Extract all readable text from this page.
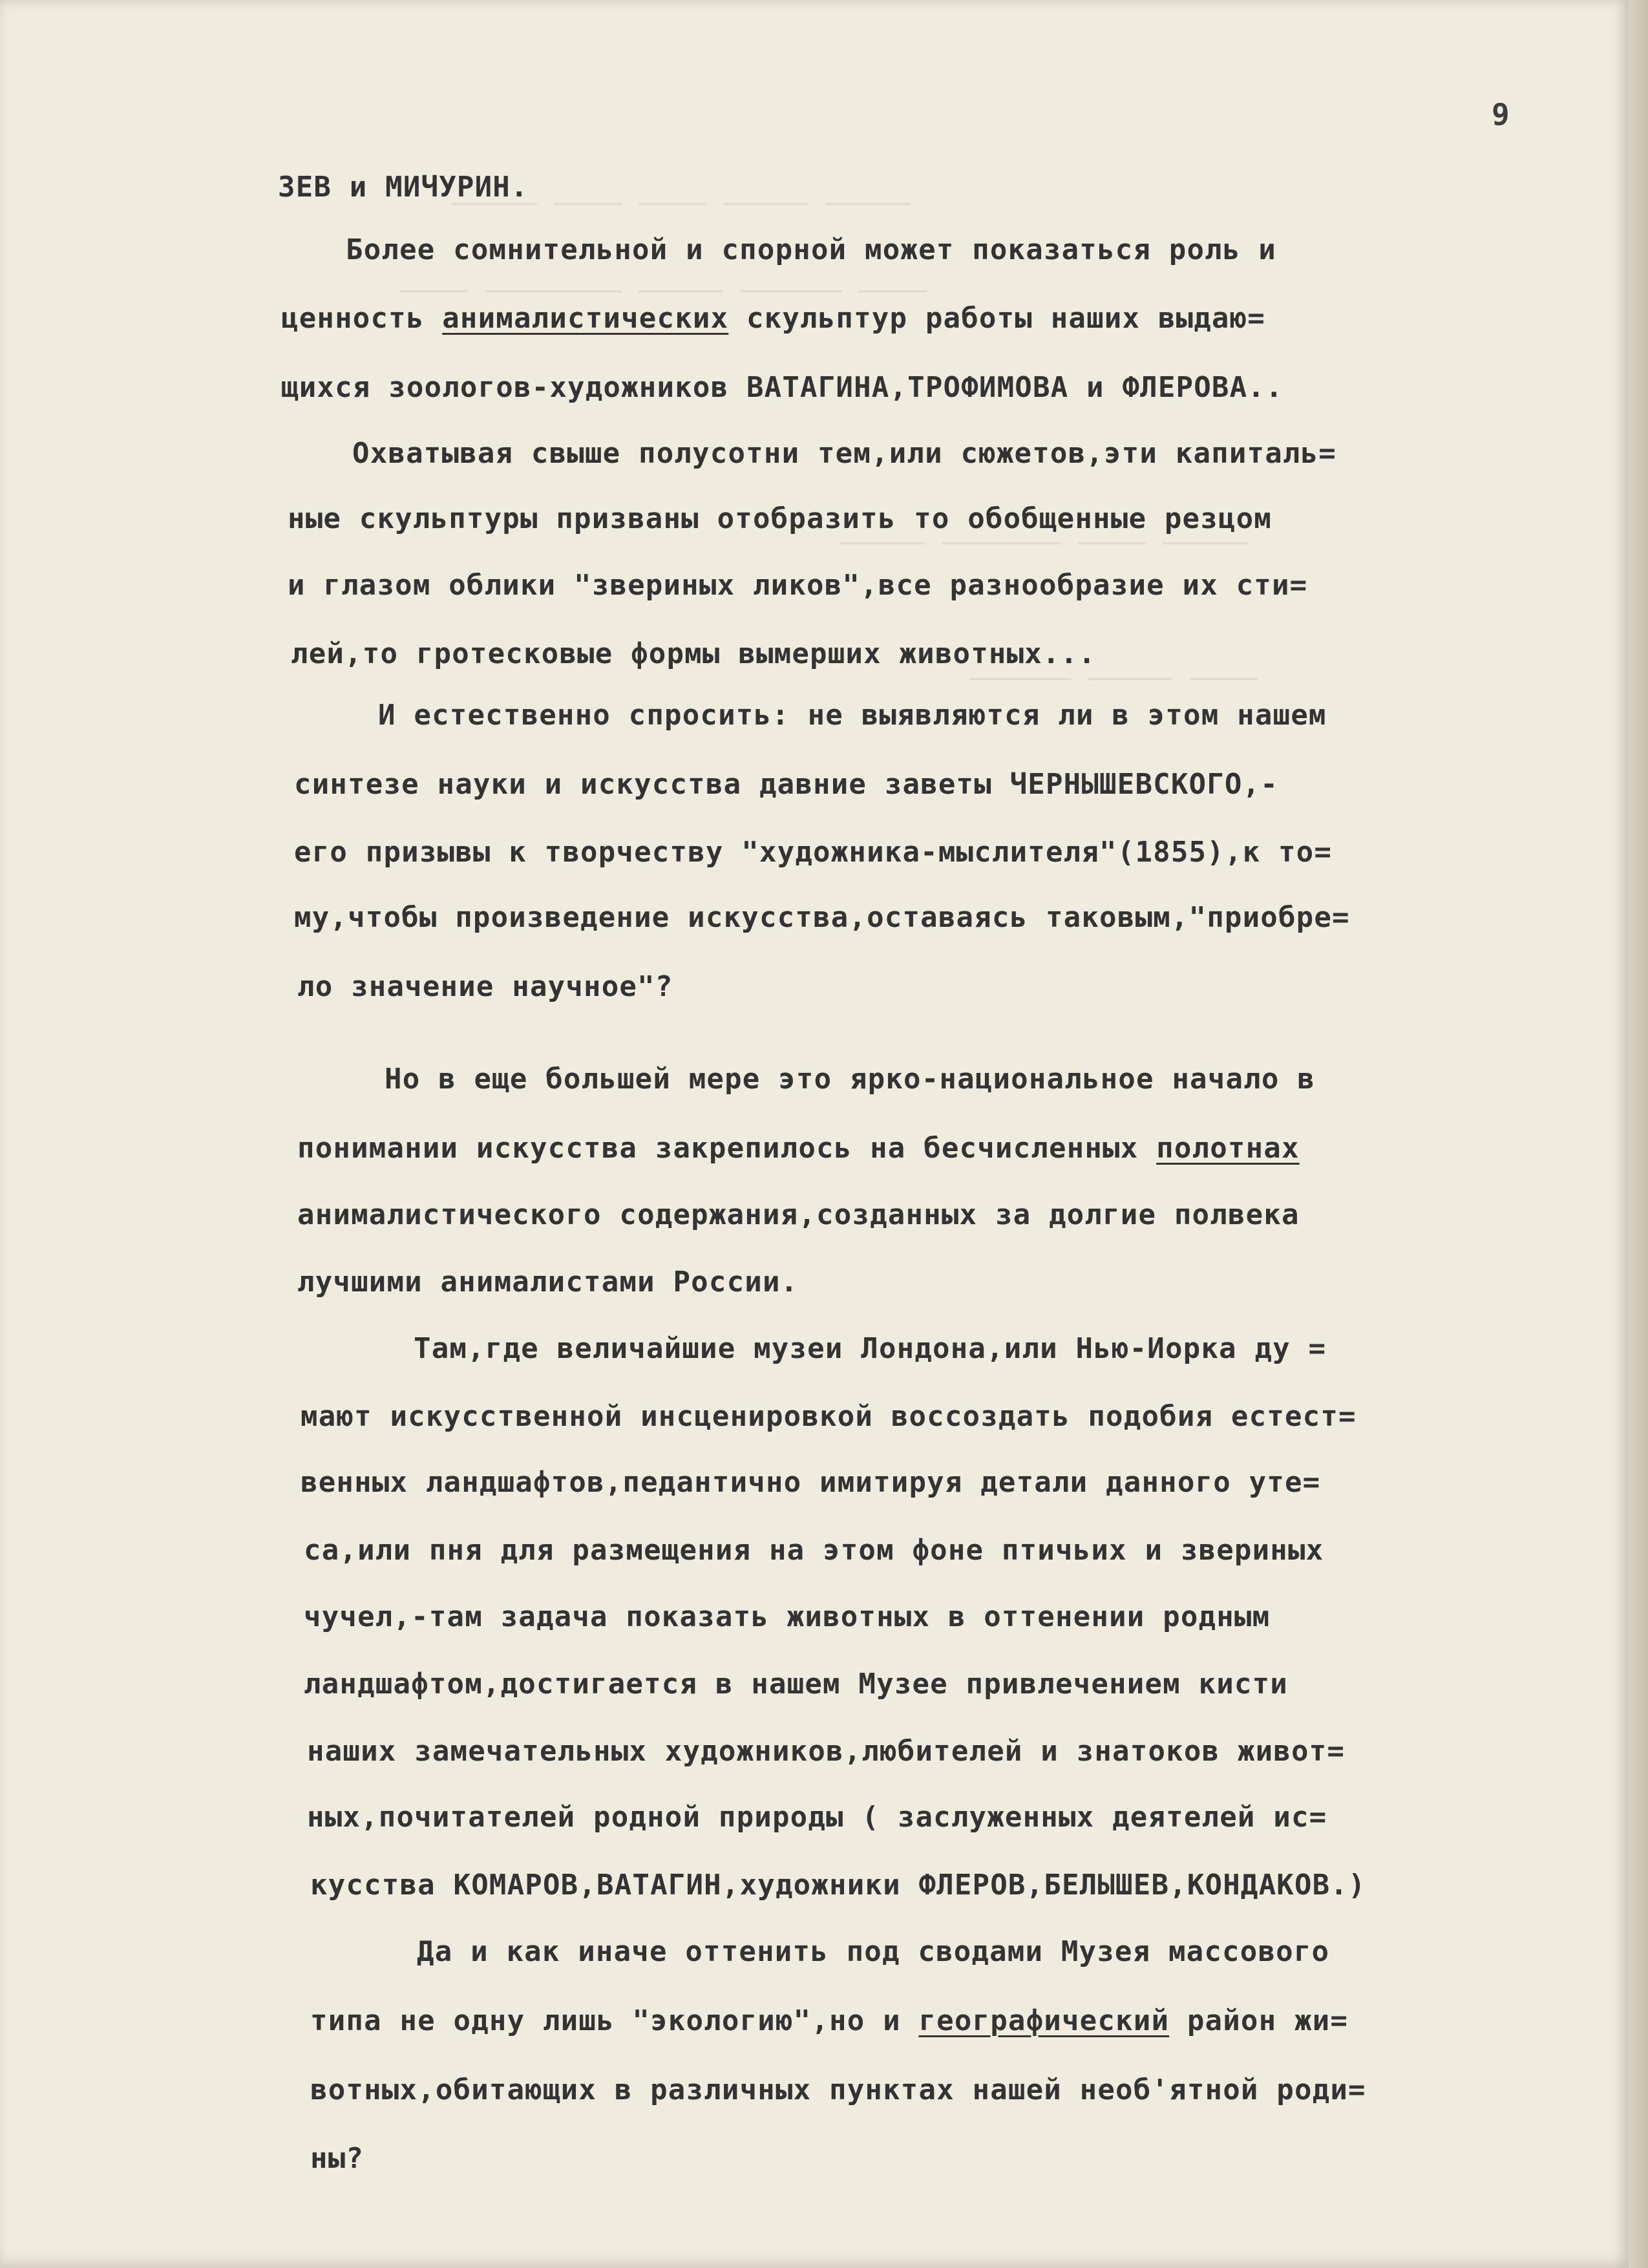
───── ──── ──── ───── ─────
──── ──────── ───── ────── ────
───── ─────── ──── ─────
────── ───── ────
9
ЗЕВ и МИЧУРИН.
Более сомнительной и спорной может показаться роль и
ценность анималистических скульптур работы наших выдаю=
щихся зоологов-художников ВАТАГИНА,ТРОФИМОВА и ФЛЕРОВА..
Охватывая свыше полусотни тем,или сюжетов,эти капиталь=
ные скульптуры призваны отобразить то обобщенные резцом
и глазом облики "звериных ликов",все разнообразие их сти=
лей,то гротесковые формы вымерших животных...
И естественно спросить: не выявляются ли в этом нашем
синтезе науки и искусства давние заветы ЧЕРНЫШЕВСКОГО,-
его призывы к творчеству "художника-мыслителя"(1855),к то=
му,чтобы произведение искусства,оставаясь таковым,"приобре=
ло значение научное"?
Но в еще большей мере это ярко-национальное начало в
понимании искусства закрепилось на бесчисленных полотнах
анималистического содержания,созданных за долгие полвека
лучшими анималистами России.
Там,где величайшие музеи Лондона,или Нью-Иорка ду =
мают искусственной инсценировкой воссоздать подобия естест=
венных ландшафтов,педантично имитируя детали данного уте=
са,или пня для размещения на этом фоне птичьих и звериных
чучел,-там задача показать животных в оттенении родным
ландшафтом,достигается в нашем Музее привлечением кисти
наших замечательных художников,любителей и знатоков живот=
ных,почитателей родной природы ( заслуженных деятелей ис=
кусства КОМАРОВ,ВАТАГИН,художники ФЛЕРОВ,БЕЛЫШЕВ,КОНДАКОВ.)
Да и как иначе оттенить под сводами Музея массового
типа не одну лишь "экологию",но и географический район жи=
вотных,обитающих в различных пунктах нашей необ'ятной роди=
ны?
